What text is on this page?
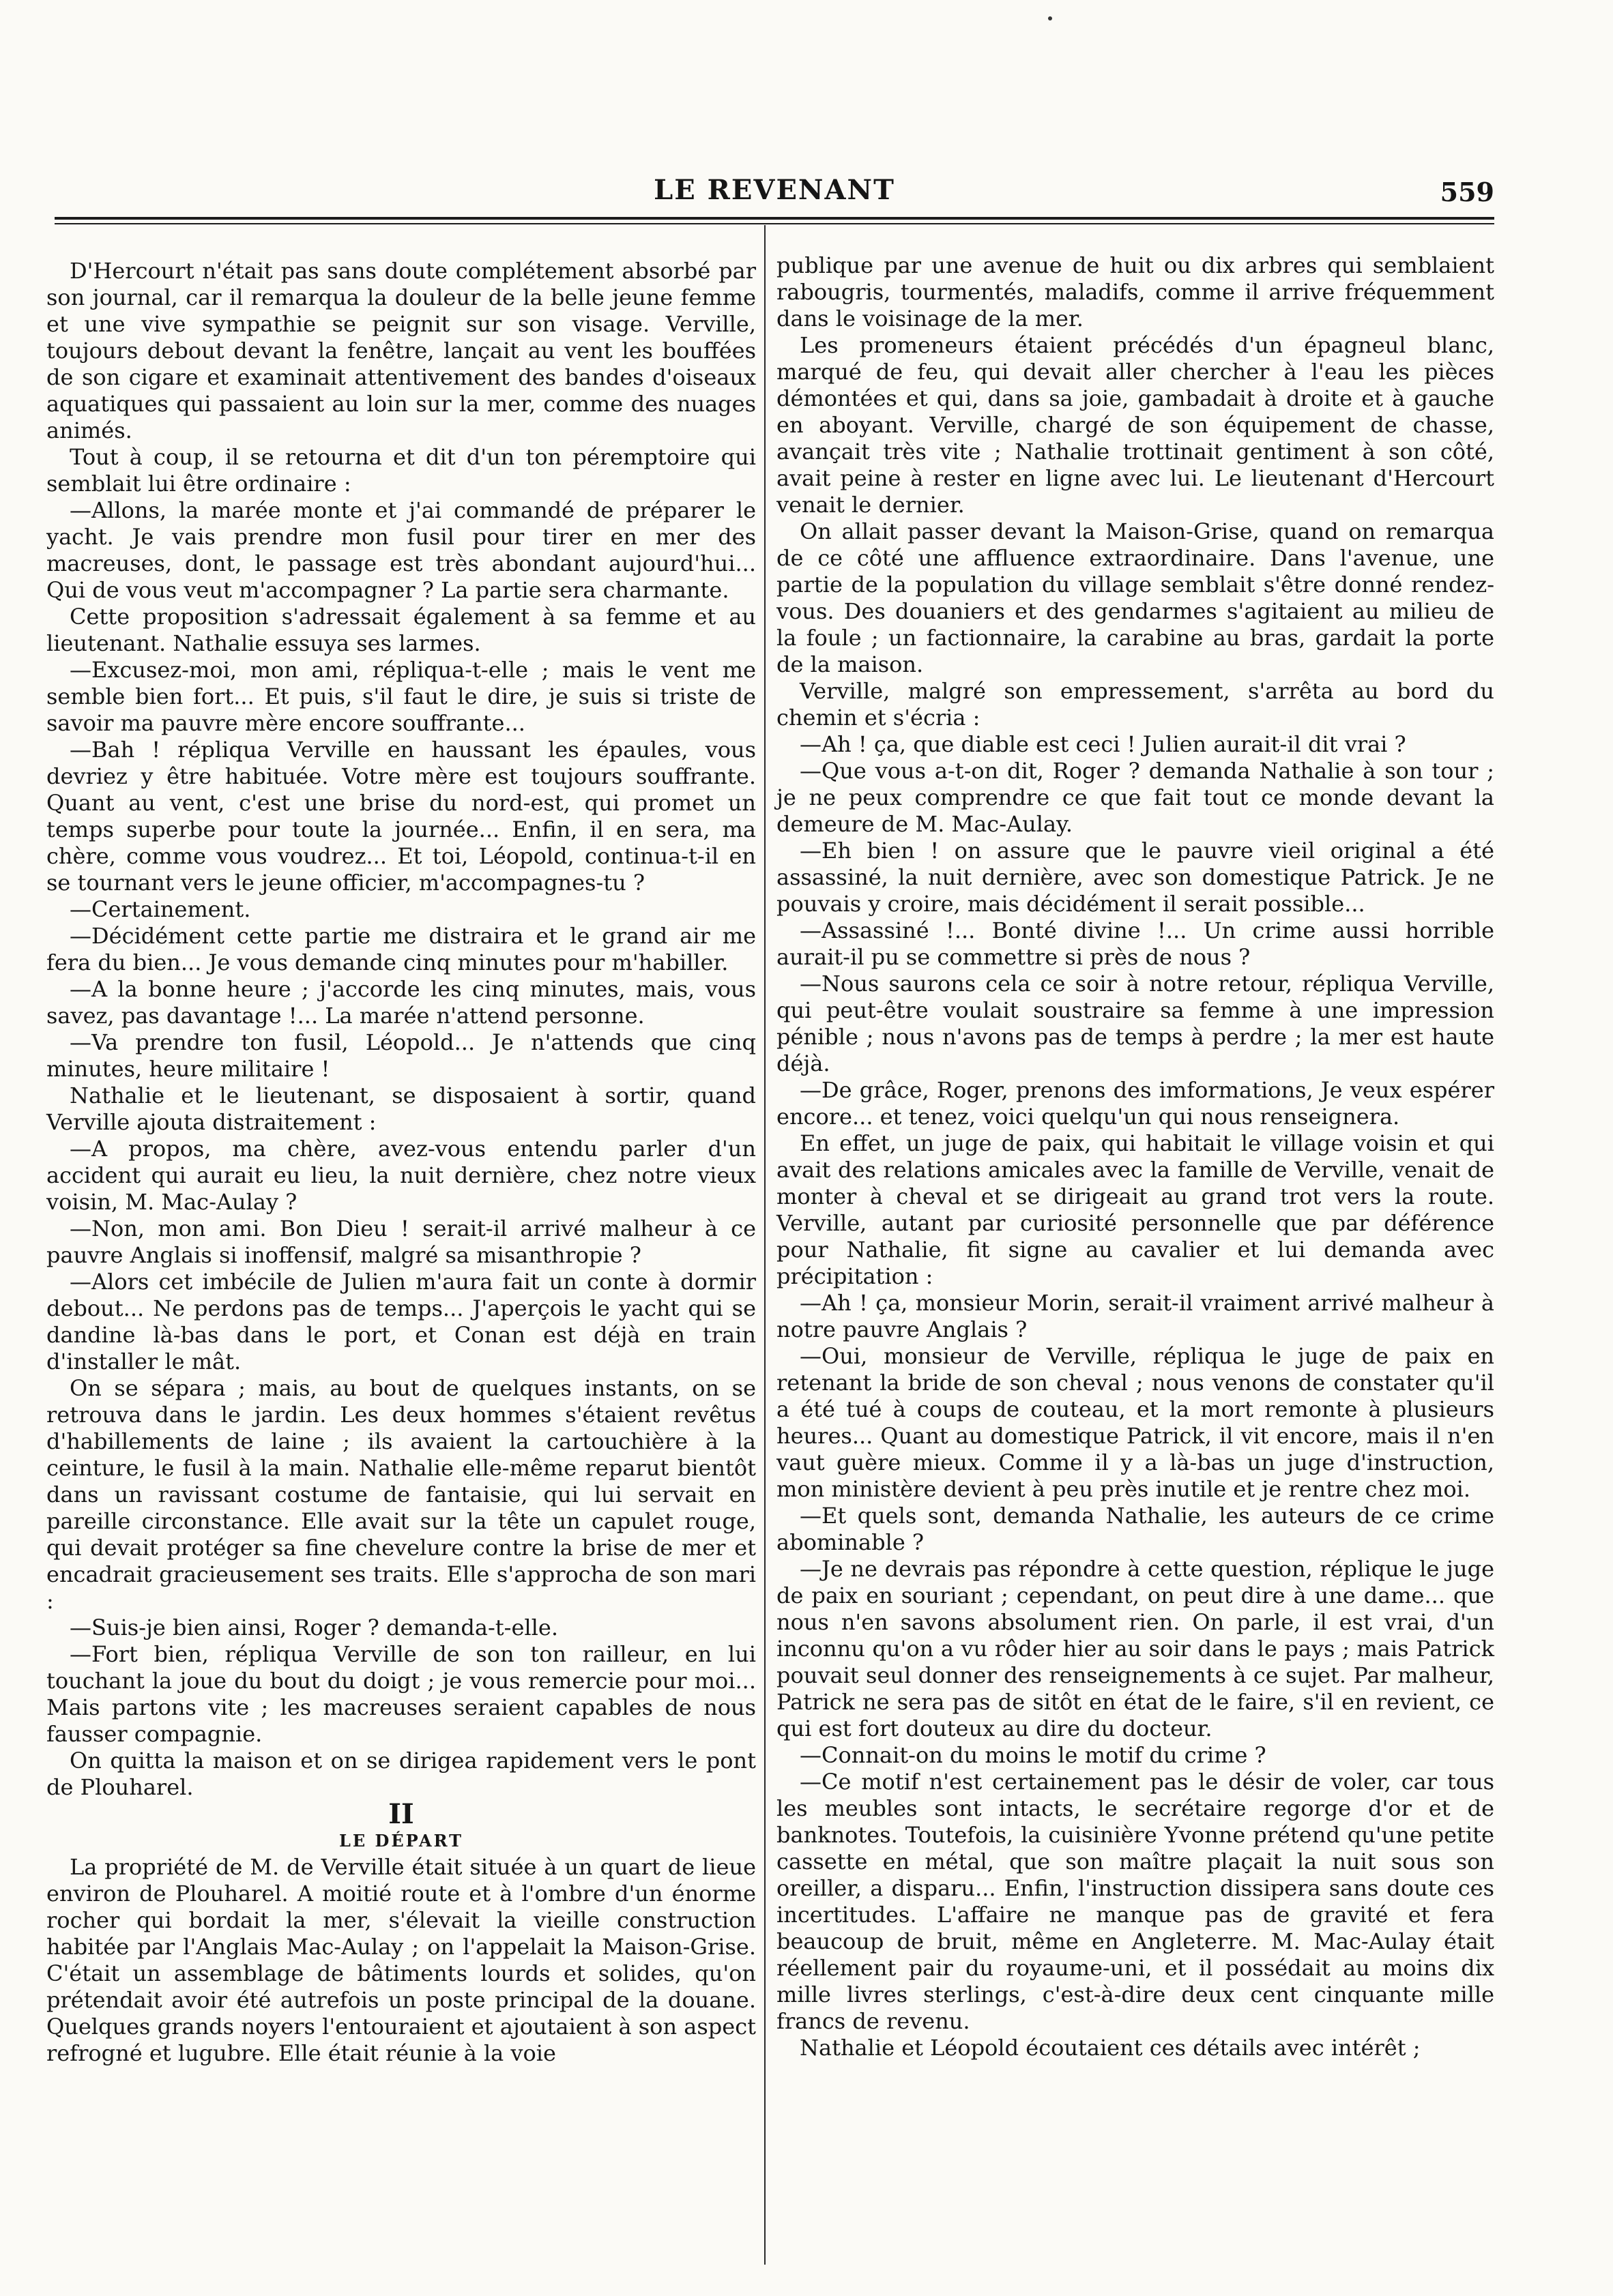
LE REVENANT	559

D'Hercourt n'était pas sans doute complétement absorbé par son journal, car il remarqua la douleur de la belle jeune femme et une vive sympathie se peignit sur son visage. Verville, toujours debout devant la fenêtre, lançait au vent les bouffées de son cigare et examinait attentivement des bandes d'oiseaux aquatiques qui passaient au loin sur la mer, comme des nuages animés.

Tout à coup, il se retourna et dit d'un ton péremptoire qui semblait lui être ordinaire :

—Allons, la marée monte et j'ai commandé de préparer le yacht. Je vais prendre mon fusil pour tirer en mer des macreuses, dont, le passage est très abondant aujourd'hui... Qui de vous veut m'accompagner ? La partie sera charmante.

Cette proposition s'adressait également à sa femme et au lieutenant. Nathalie essuya ses larmes.

—Excusez-moi, mon ami, répliqua-t-elle ; mais le vent me semble bien fort... Et puis, s'il faut le dire, je suis si triste de savoir ma pauvre mère encore souffrante...

—Bah ! répliqua Verville en haussant les épaules, vous devriez y être habituée. Votre mère est toujours souffrante. Quant au vent, c'est une brise du nord-est, qui promet un temps superbe pour toute la journée... Enfin, il en sera, ma chère, comme vous voudrez... Et toi, Léopold, continua-t-il en se tournant vers le jeune officier, m'accompagnes-tu ?

—Certainement.

—Décidément cette partie me distraira et le grand air me fera du bien... Je vous demande cinq minutes pour m'habiller.

—A la bonne heure ; j'accorde les cinq minutes, mais, vous savez, pas davantage !... La marée n'attend personne.

—Va prendre ton fusil, Léopold... Je n'attends que cinq minutes, heure militaire !

Nathalie et le lieutenant, se disposaient à sortir, quand Verville ajouta distraitement :

—A propos, ma chère, avez-vous entendu parler d'un accident qui aurait eu lieu, la nuit dernière, chez notre vieux voisin, M. Mac-Aulay ?

—Non, mon ami. Bon Dieu ! serait-il arrivé malheur à ce pauvre Anglais si inoffensif, malgré sa misanthropie ?

—Alors cet imbécile de Julien m'aura fait un conte à dormir debout... Ne perdons pas de temps... J'aperçois le yacht qui se dandine là-bas dans le port, et Conan est déjà en train d'installer le mât.

On se sépara ; mais, au bout de quelques instants, on se retrouva dans le jardin. Les deux hommes s'étaient revêtus d'habillements de laine ; ils avaient la cartouchière à la ceinture, le fusil à la main. Nathalie elle-même reparut bientôt dans un ravissant costume de fantaisie, qui lui servait en pareille circonstance. Elle avait sur la tête un capulet rouge, qui devait protéger sa fine chevelure contre la brise de mer et encadrait gracieusement ses traits. Elle s'approcha de son mari :

—Suis-je bien ainsi, Roger ? demanda-t-elle.

—Fort bien, répliqua Verville de son ton railleur, en lui touchant la joue du bout du doigt ; je vous remercie pour moi... Mais partons vite ; les macreuses seraient capables de nous fausser compagnie.

On quitta la maison et on se dirigea rapidement vers le pont de Plouharel.

II

LE DÉPART

La propriété de M. de Verville était située à un quart de lieue environ de Plouharel. A moitié route et à l'ombre d'un énorme rocher qui bordait la mer, s'élevait la vieille construction habitée par l'Anglais Mac-Aulay ; on l'appelait la Maison-Grise. C'était un assemblage de bâtiments lourds et solides, qu'on prétendait avoir été autrefois un poste principal de la douane. Quelques grands noyers l'entouraient et ajoutaient à son aspect refrogné et lugubre. Elle était réunie à la voie

publique par une avenue de huit ou dix arbres qui semblaient rabougris, tourmentés, maladifs, comme il arrive fréquemment dans le voisinage de la mer.

Les promeneurs étaient précédés d'un épagneul blanc, marqué de feu, qui devait aller chercher à l'eau les pièces démontées et qui, dans sa joie, gambadait à droite et à gauche en aboyant. Verville, chargé de son équipement de chasse, avançait très vite ; Nathalie trottinait gentiment à son côté, avait peine à rester en ligne avec lui. Le lieutenant d'Hercourt venait le dernier.

On allait passer devant la Maison-Grise, quand on remarqua de ce côté une affluence extraordinaire. Dans l'avenue, une partie de la population du village semblait s'être donné rendez-vous. Des douaniers et des gendarmes s'agitaient au milieu de la foule ; un factionnaire, la carabine au bras, gardait la porte de la maison.

Verville, malgré son empressement, s'arrêta au bord du chemin et s'écria :

—Ah ! ça, que diable est ceci ! Julien aurait-il dit vrai ?

—Que vous a-t-on dit, Roger ? demanda Nathalie à son tour ; je ne peux comprendre ce que fait tout ce monde devant la demeure de M. Mac-Aulay.

—Eh bien ! on assure que le pauvre vieil original a été assassiné, la nuit dernière, avec son domestique Patrick. Je ne pouvais y croire, mais décidément il serait possible...

—Assassiné !... Bonté divine !... Un crime aussi horrible aurait-il pu se commettre si près de nous ?

—Nous saurons cela ce soir à notre retour, répliqua Verville, qui peut-être voulait soustraire sa femme à une impression pénible ; nous n'avons pas de temps à perdre ; la mer est haute déjà.

—De grâce, Roger, prenons des imformations, Je veux espérer encore... et tenez, voici quelqu'un qui nous renseignera.

En effet, un juge de paix, qui habitait le village voisin et qui avait des relations amicales avec la famille de Verville, venait de monter à cheval et se dirigeait au grand trot vers la route. Verville, autant par curiosité personnelle que par déférence pour Nathalie, fit signe au cavalier et lui demanda avec précipitation :

—Ah ! ça, monsieur Morin, serait-il vraiment arrivé malheur à notre pauvre Anglais ?

—Oui, monsieur de Verville, répliqua le juge de paix en retenant la bride de son cheval ; nous venons de constater qu'il a été tué à coups de couteau, et la mort remonte à plusieurs heures... Quant au domestique Patrick, il vit encore, mais il n'en vaut guère mieux. Comme il y a là-bas un juge d'instruction, mon ministère devient à peu près inutile et je rentre chez moi.

—Et quels sont, demanda Nathalie, les auteurs de ce crime abominable ?

—Je ne devrais pas répondre à cette question, réplique le juge de paix en souriant ; cependant, on peut dire à une dame... que nous n'en savons absolument rien. On parle, il est vrai, d'un inconnu qu'on a vu rôder hier au soir dans le pays ; mais Patrick pouvait seul donner des renseignements à ce sujet. Par malheur, Patrick ne sera pas de sitôt en état de le faire, s'il en revient, ce qui est fort douteux au dire du docteur.

—Connait-on du moins le motif du crime ?

—Ce motif n'est certainement pas le désir de voler, car tous les meubles sont intacts, le secrétaire regorge d'or et de banknotes. Toutefois, la cuisinière Yvonne prétend qu'une petite cassette en métal, que son maître plaçait la nuit sous son oreiller, a disparu... Enfin, l'instruction dissipera sans doute ces incertitudes. L'affaire ne manque pas de gravité et fera beaucoup de bruit, même en Angleterre. M. Mac-Aulay était réellement pair du royaume-uni, et il possédait au moins dix mille livres sterlings, c'est-à-dire deux cent cinquante mille francs de revenu.

Nathalie et Léopold écoutaient ces détails avec intérêt ;
